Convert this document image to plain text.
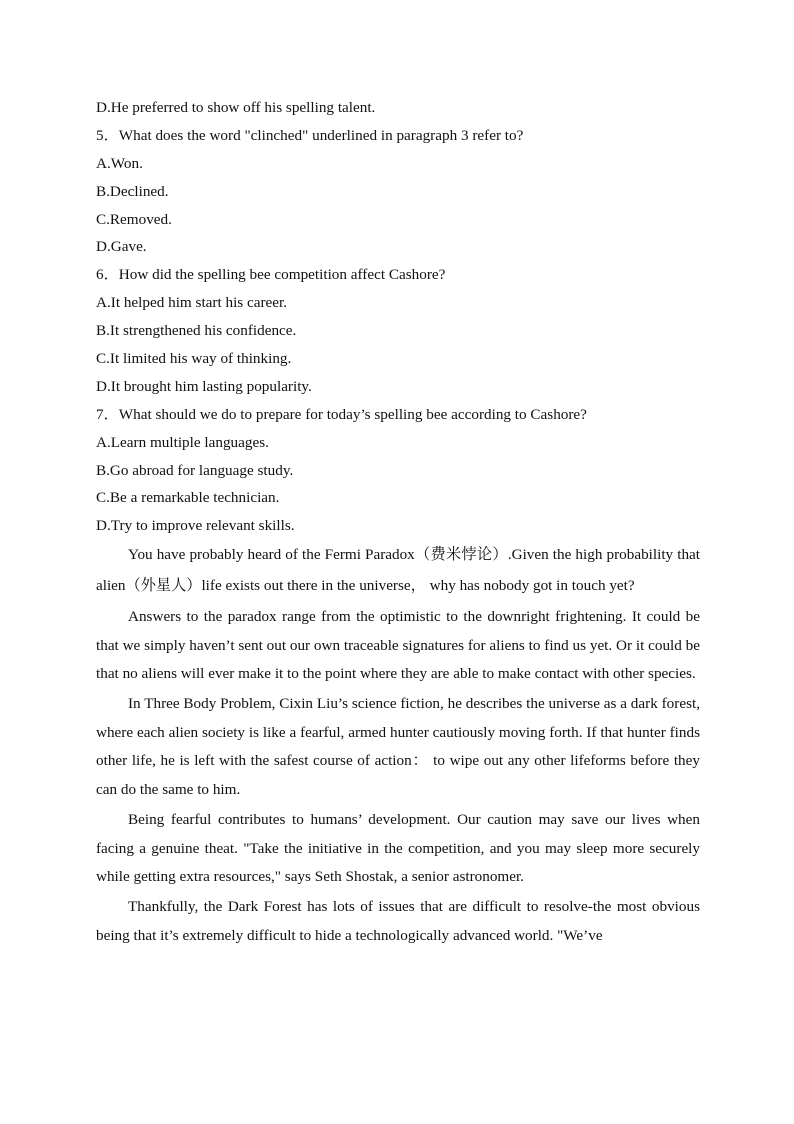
D.He preferred to show off his spelling talent.
5．What does the word "clinched" underlined in paragraph 3 refer to?
A.Won.
B.Declined.
C.Removed.
D.Gave.
6．How did the spelling bee competition affect Cashore?
A.It helped him start his career.
B.It strengthened his confidence.
C.It limited his way of thinking.
D.It brought him lasting popularity.
7．What should we do to prepare for today’s spelling bee according to Cashore?
A.Learn multiple languages.
B.Go abroad for language study.
C.Be a remarkable technician.
D.Try to improve relevant skills.

You have probably heard of the Fermi Paradox（费米悖论）.Given the high probability that alien（外星人）life exists out there in the universe， why has nobody got in touch yet?

Answers to the paradox range from the optimistic to the downright frightening. It could be that we simply haven’t sent out our own traceable signatures for aliens to find us yet. Or it could be that no aliens will ever make it to the point where they are able to make contact with other species.

In Three Body Problem, Cixin Liu’s science fiction, he describes the universe as a dark forest, where each alien society is like a fearful, armed hunter cautiously moving forth. If that hunter finds other life, he is left with the safest course of action： to wipe out any other lifeforms before they can do the same to him.

Being fearful contributes to humans’ development. Our caution may save our lives when facing a genuine theat. "Take the initiative in the competition, and you may sleep more securely while getting extra resources," says Seth Shostak, a senior astronomer.

Thankfully, the Dark Forest has lots of issues that are difficult to resolve-the most obvious being that it’s extremely difficult to hide a technologically advanced world. "We’ve
